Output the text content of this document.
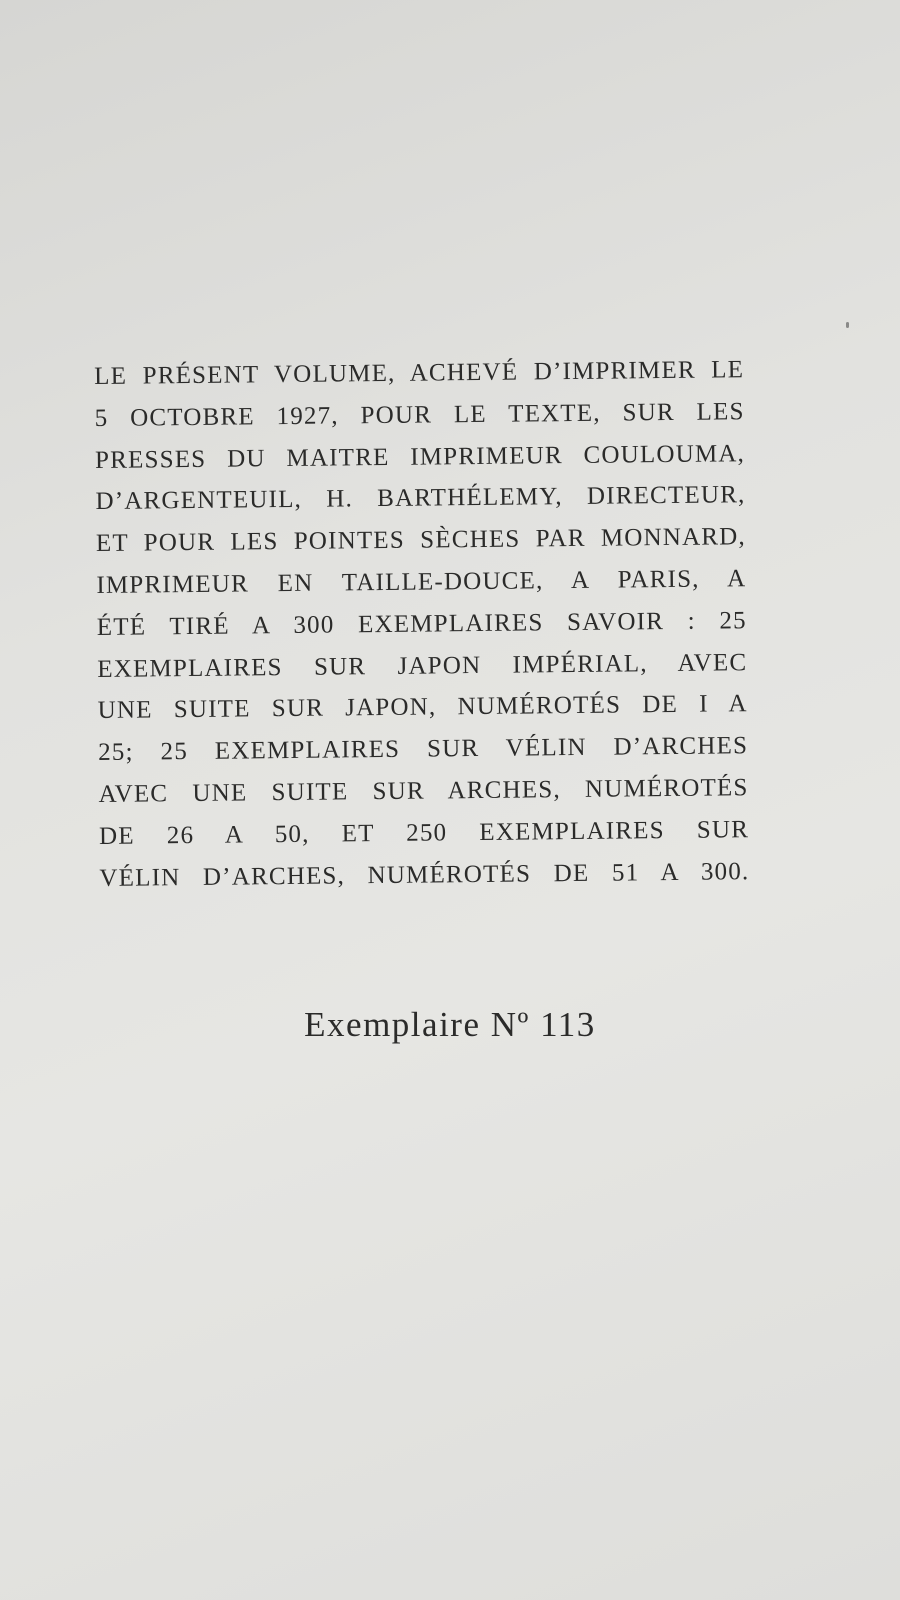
LE PRÉSENT VOLUME, ACHEVÉ D’IMPRIMER LE
5 OCTOBRE 1927, POUR LE TEXTE, SUR LES
PRESSES DU MAITRE IMPRIMEUR COULOUMA,
D’ARGENTEUIL, H. BARTHÉLEMY, DIRECTEUR,
ET POUR LES POINTES SÈCHES PAR MONNARD,
IMPRIMEUR EN TAILLE-DOUCE, A PARIS, A
ÉTÉ TIRÉ A 300 EXEMPLAIRES SAVOIR : 25
EXEMPLAIRES SUR JAPON IMPÉRIAL, AVEC
UNE SUITE SUR JAPON, NUMÉROTÉS DE I A
25; 25 EXEMPLAIRES SUR VÉLIN D’ARCHES
AVEC UNE SUITE SUR ARCHES, NUMÉROTÉS
DE 26 A 50, ET 250 EXEMPLAIRES SUR
VÉLIN D’ARCHES, NUMÉROTÉS DE 51 A 300.
Exemplaire Nº 113
